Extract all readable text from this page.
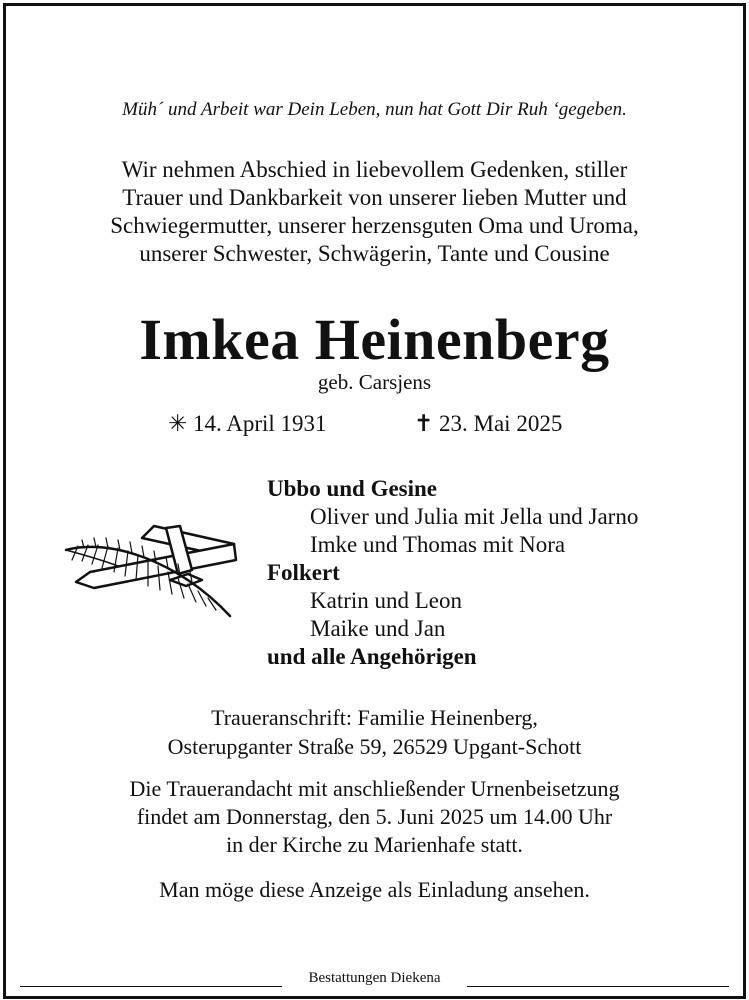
Müh´ und Arbeit war Dein Leben, nun hat Gott Dir Ruh ‘gegeben.
Wir nehmen Abschied in liebevollem Gedenken, stiller
Trauer und Dankbarkeit von unserer lieben Mutter und
Schwiegermutter, unserer herzensguten Oma und Uroma,
unserer Schwester, Schwägerin, Tante und Cousine
Imkea Heinenberg
geb. Carsjens
✳ 14. April 1931	✝ 23. Mai 2025
Ubbo und Gesine
Oliver und Julia mit Jella und Jarno
Imke und Thomas mit Nora
Folkert
Katrin und Leon
Maike und Jan
und alle Angehörigen
Traueranschrift: Familie Heinenberg,
Osterupganter Straße 59, 26529 Upgant-Schott
Die Trauerandacht mit anschließender Urnenbeisetzung
findet am Donnerstag, den 5. Juni 2025 um 14.00 Uhr
in der Kirche zu Marienhafe statt.
Man möge diese Anzeige als Einladung ansehen.
Bestattungen Diekena
